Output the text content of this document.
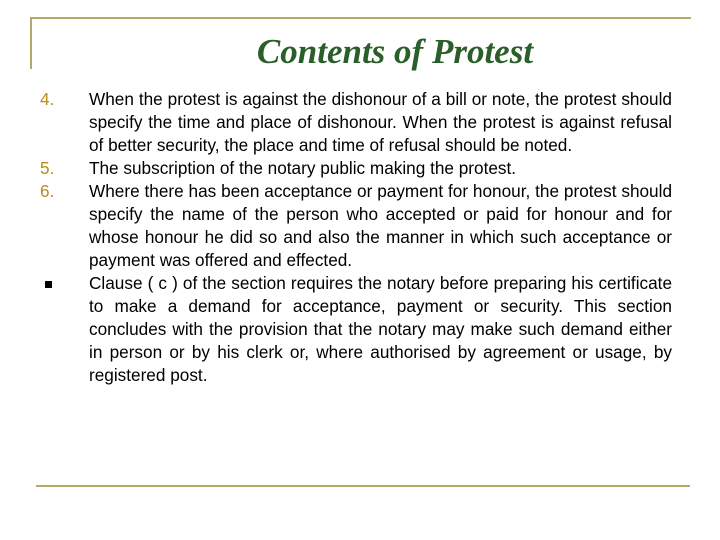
Contents of Protest
4.	When the protest is against the dishonour of a bill or note, the protest should specify the time and place of dishonour. When the protest is against refusal of better security, the place and time of refusal should be noted.
5.	The subscription of the notary public making the protest.
6.	Where there has been acceptance or payment for honour, the protest should specify the name of the person who accepted or paid for honour and for whose honour he did so and also the manner in which such acceptance or payment was offered and effected.
Clause ( c ) of the section requires the notary before preparing his certificate to make a demand for acceptance, payment or security. This section concludes with the provision that the notary may make such demand either in person or by his clerk or, where authorised by agreement or usage, by registered post.
